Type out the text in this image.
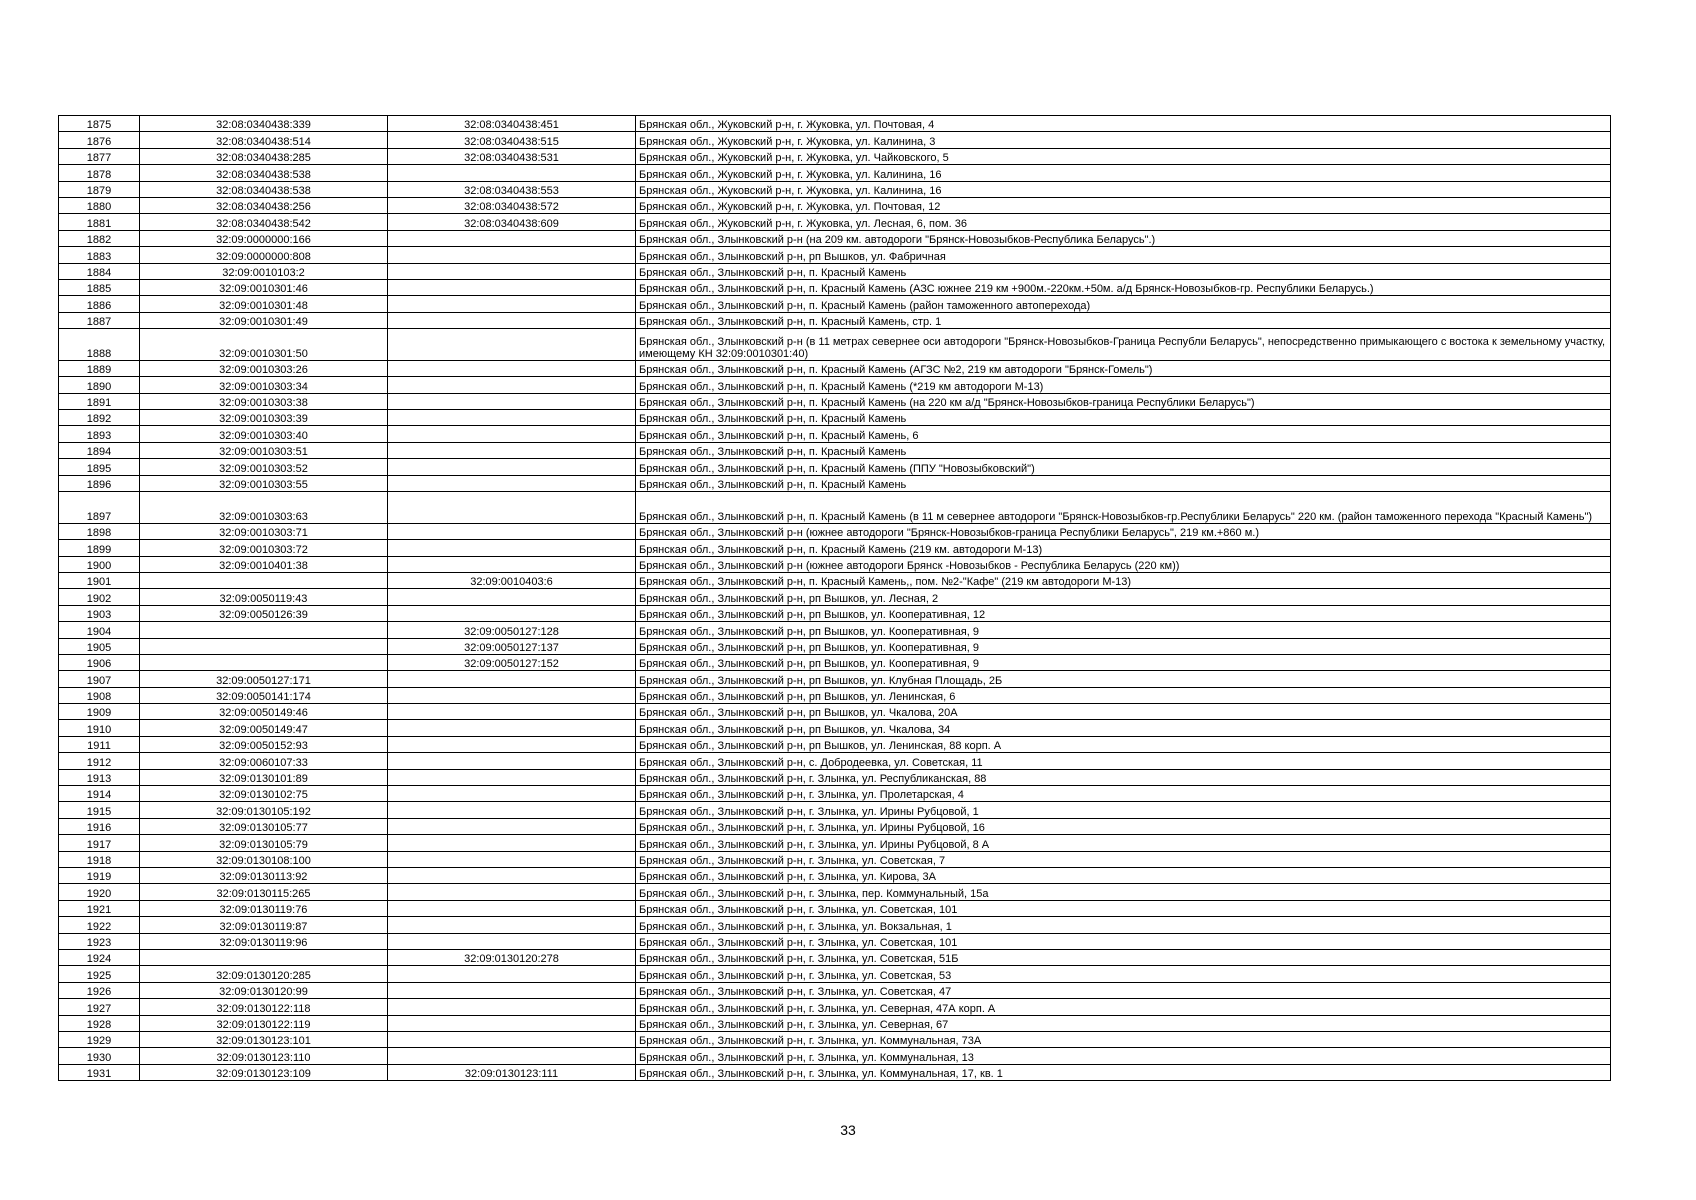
1875	32:08:0340438:339	32:08:0340438:451	Брянская обл., Жуковский р-н, г. Жуковка, ул. Почтовая, 4
1876	32:08:0340438:514	32:08:0340438:515	Брянская обл., Жуковский р-н, г. Жуковка, ул. Калинина, 3
1877	32:08:0340438:285	32:08:0340438:531	Брянская обл., Жуковский р-н, г. Жуковка, ул. Чайковского, 5
1878	32:08:0340438:538		Брянская обл., Жуковский р-н, г. Жуковка, ул. Калинина, 16
1879	32:08:0340438:538	32:08:0340438:553	Брянская обл., Жуковский р-н, г. Жуковка, ул. Калинина, 16
1880	32:08:0340438:256	32:08:0340438:572	Брянская обл., Жуковский р-н, г. Жуковка, ул. Почтовая, 12
1881	32:08:0340438:542	32:08:0340438:609	Брянская обл., Жуковский р-н, г. Жуковка, ул. Лесная, 6, пом. 36
1882	32:09:0000000:166		Брянская обл., Злынковский р-н (на 209 км. автодороги "Брянск-Новозыбков-Республика Беларусь".)
1883	32:09:0000000:808		Брянская обл., Злынковский р-н, рп Вышков, ул. Фабричная
1884	32:09:0010103:2		Брянская обл., Злынковский р-н, п. Красный Камень
1885	32:09:0010301:46		Брянская обл., Злынковский р-н, п. Красный Камень (АЗС южнее 219 км +900м.-220км.+50м. а/д Брянск-Новозыбков-гр. Республики Беларусь.)
1886	32:09:0010301:48		Брянская обл., Злынковский р-н, п. Красный Камень (район таможенного автоперехода)
1887	32:09:0010301:49		Брянская обл., Злынковский р-н, п. Красный Камень, стр. 1
1888	32:09:0010301:50		Брянская обл., Злынковский р-н (в 11 метрах севернее оси автодороги "Брянск-Новозыбков-Граница Республи Беларусь", непосредственно примыкающего с востока к земельному участку, имеющему КН 32:09:0010301:40)
1889	32:09:0010303:26		Брянская обл., Злынковский р-н, п. Красный Камень (АГЗС №2, 219 км автодороги "Брянск-Гомель")
1890	32:09:0010303:34		Брянская обл., Злынковский р-н, п. Красный Камень (*219 км автодороги М-13)
1891	32:09:0010303:38		Брянская обл., Злынковский р-н, п. Красный Камень (на 220 км а/д "Брянск-Новозыбков-граница Республики Беларусь")
1892	32:09:0010303:39		Брянская обл., Злынковский р-н, п. Красный Камень
1893	32:09:0010303:40		Брянская обл., Злынковский р-н, п. Красный Камень, 6
1894	32:09:0010303:51		Брянская обл., Злынковский р-н, п. Красный Камень
1895	32:09:0010303:52		Брянская обл., Злынковский р-н, п. Красный Камень (ППУ "Новозыбковский")
1896	32:09:0010303:55		Брянская обл., Злынковский р-н, п. Красный Камень
1897	32:09:0010303:63		Брянская обл., Злынковский р-н, п. Красный Камень (в 11 м севернее автодороги "Брянск-Новозыбков-гр.Республики Беларусь" 220 км. (район таможенного перехода "Красный Камень")
1898	32:09:0010303:71		Брянская обл., Злынковский р-н (южнее автодороги "Брянск-Новозыбков-граница Республики Беларусь", 219 км.+860 м.)
1899	32:09:0010303:72		Брянская обл., Злынковский р-н, п. Красный Камень (219 км. автодороги М-13)
1900	32:09:0010401:38		Брянская обл., Злынковский р-н (южнее автодороги Брянск -Новозыбков - Республика Беларусь (220 км))
1901		32:09:0010403:6	Брянская обл., Злынковский р-н, п. Красный Камень,, пом. №2-"Кафе" (219 км автодороги М-13)
1902	32:09:0050119:43		Брянская обл., Злынковский р-н, рп Вышков, ул. Лесная, 2
1903	32:09:0050126:39		Брянская обл., Злынковский р-н, рп Вышков, ул. Кооперативная, 12
1904		32:09:0050127:128	Брянская обл., Злынковский р-н, рп Вышков, ул. Кооперативная, 9
1905		32:09:0050127:137	Брянская обл., Злынковский р-н, рп Вышков, ул. Кооперативная, 9
1906		32:09:0050127:152	Брянская обл., Злынковский р-н, рп Вышков, ул. Кооперативная, 9
1907	32:09:0050127:171		Брянская обл., Злынковский р-н, рп Вышков, ул. Клубная Площадь, 2Б
1908	32:09:0050141:174		Брянская обл., Злынковский р-н, рп Вышков, ул. Ленинская, 6
1909	32:09:0050149:46		Брянская обл., Злынковский р-н, рп Вышков, ул. Чкалова, 20А
1910	32:09:0050149:47		Брянская обл., Злынковский р-н, рп Вышков, ул. Чкалова, 34
1911	32:09:0050152:93		Брянская обл., Злынковский р-н, рп Вышков, ул. Ленинская, 88 корп. А
1912	32:09:0060107:33		Брянская обл., Злынковский р-н, с. Добродеевка, ул. Советская, 11
1913	32:09:0130101:89		Брянская обл., Злынковский р-н, г. Злынка, ул. Республиканская, 88
1914	32:09:0130102:75		Брянская обл., Злынковский р-н, г. Злынка, ул. Пролетарская, 4
1915	32:09:0130105:192		Брянская обл., Злынковский р-н, г. Злынка, ул. Ирины Рубцовой, 1
1916	32:09:0130105:77		Брянская обл., Злынковский р-н, г. Злынка, ул. Ирины Рубцовой, 16
1917	32:09:0130105:79		Брянская обл., Злынковский р-н, г. Злынка, ул. Ирины Рубцовой, 8 А
1918	32:09:0130108:100		Брянская обл., Злынковский р-н, г. Злынка, ул. Советская, 7
1919	32:09:0130113:92		Брянская обл., Злынковский р-н, г. Злынка, ул. Кирова, 3А
1920	32:09:0130115:265		Брянская обл., Злынковский р-н, г. Злынка, пер. Коммунальный, 15а
1921	32:09:0130119:76		Брянская обл., Злынковский р-н, г. Злынка, ул. Советская, 101
1922	32:09:0130119:87		Брянская обл., Злынковский р-н, г. Злынка, ул. Вокзальная, 1
1923	32:09:0130119:96		Брянская обл., Злынковский р-н, г. Злынка, ул. Советская, 101
1924		32:09:0130120:278	Брянская обл., Злынковский р-н, г. Злынка, ул. Советская, 51Б
1925	32:09:0130120:285		Брянская обл., Злынковский р-н, г. Злынка, ул. Советская, 53
1926	32:09:0130120:99		Брянская обл., Злынковский р-н, г. Злынка, ул. Советская, 47
1927	32:09:0130122:118		Брянская обл., Злынковский р-н, г. Злынка, ул. Северная, 47А корп. А
1928	32:09:0130122:119		Брянская обл., Злынковский р-н, г. Злынка, ул. Северная, 67
1929	32:09:0130123:101		Брянская обл., Злынковский р-н, г. Злынка, ул. Коммунальная, 73А
1930	32:09:0130123:110		Брянская обл., Злынковский р-н, г. Злынка, ул. Коммунальная, 13
1931	32:09:0130123:109	32:09:0130123:111	Брянская обл., Злынковский р-н, г. Злынка, ул. Коммунальная, 17, кв. 1
33
